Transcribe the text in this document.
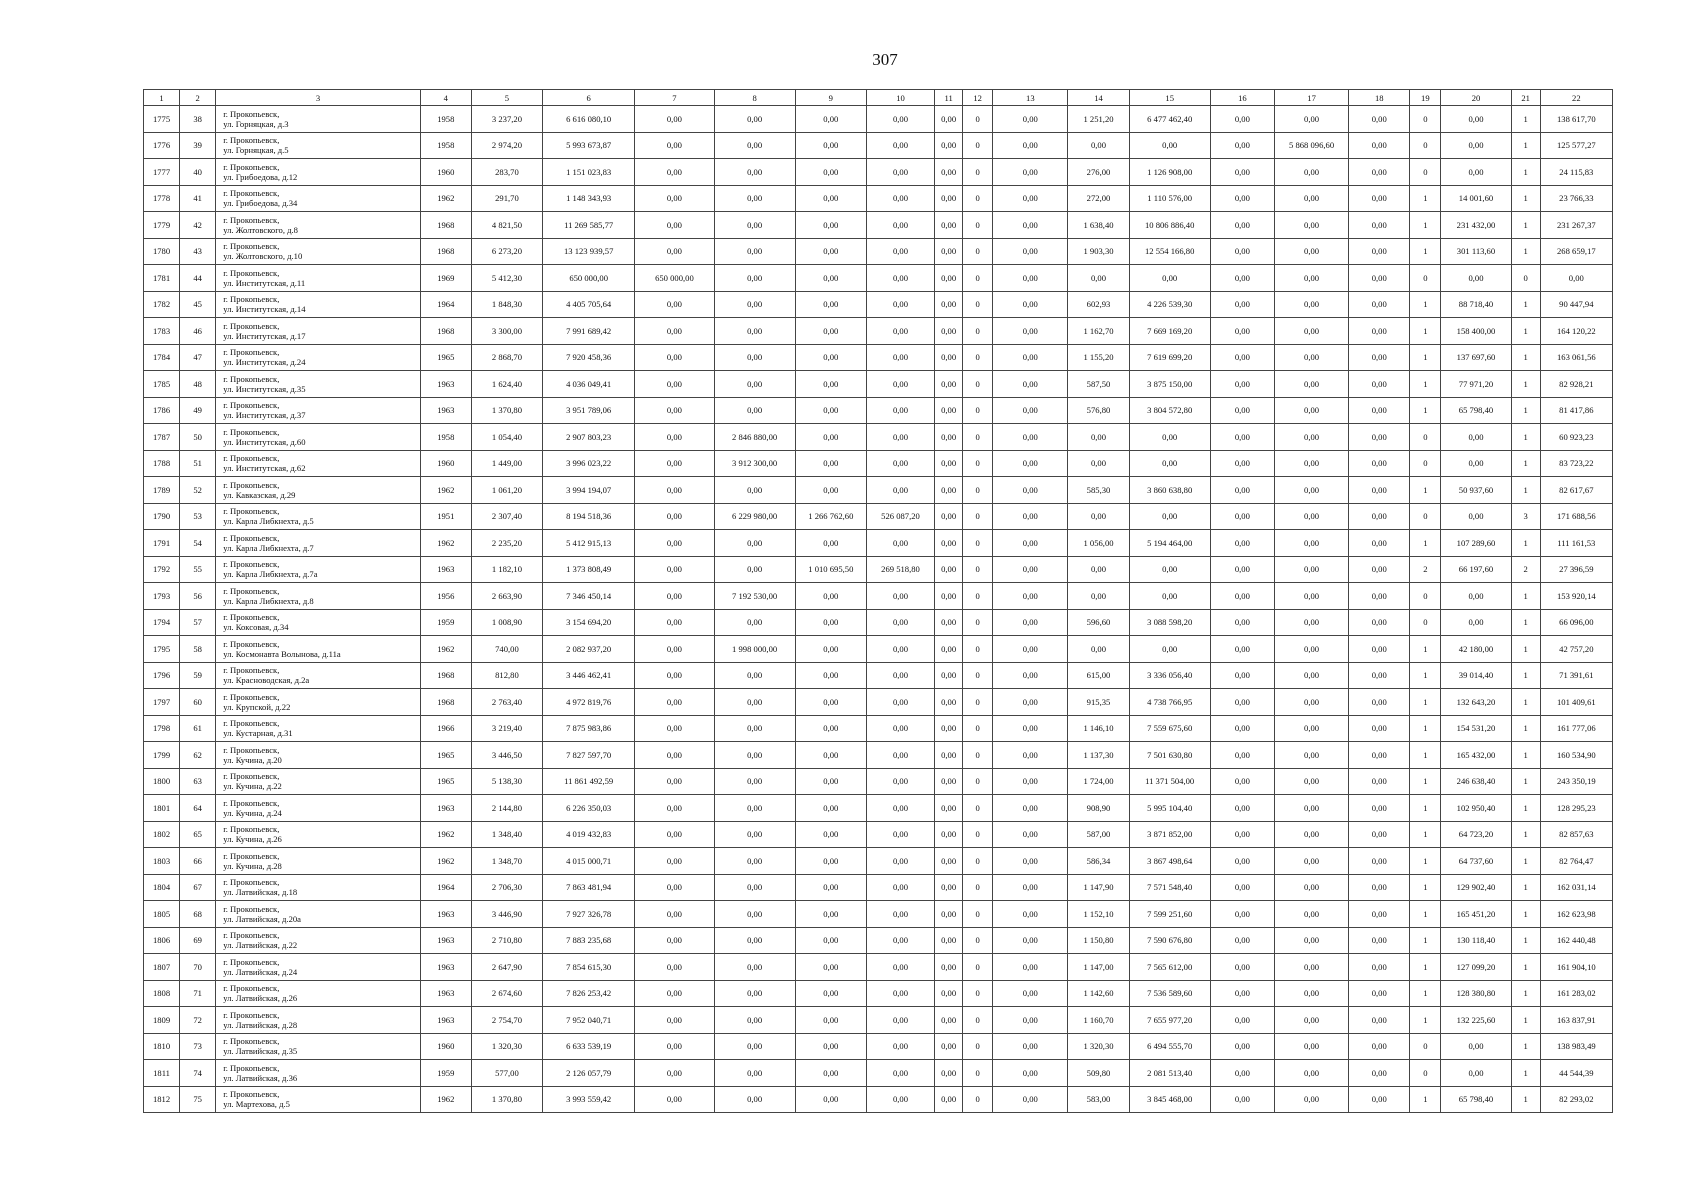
307
1	2	3	4	5	6	7	8	9	10	11	12	13	14	15	16	17	18	19	20	21	22
1775	38	г. Прокопьевск,
ул. Горняцкая, д.3	1958	3 237,20	6 616 080,10	0,00	0,00	0,00	0,00	0,00	0	0,00	1 251,20	6 477 462,40	0,00	0,00	0,00	0	0,00	1	138 617,70
1776	39	г. Прокопьевск,
ул. Горняцкая, д.5	1958	2 974,20	5 993 673,87	0,00	0,00	0,00	0,00	0,00	0	0,00	0,00	0,00	0,00	5 868 096,60	0,00	0	0,00	1	125 577,27
1777	40	г. Прокопьевск,
ул. Грибоедова, д.12	1960	283,70	1 151 023,83	0,00	0,00	0,00	0,00	0,00	0	0,00	276,00	1 126 908,00	0,00	0,00	0,00	0	0,00	1	24 115,83
1778	41	г. Прокопьевск,
ул. Грибоедова, д.34	1962	291,70	1 148 343,93	0,00	0,00	0,00	0,00	0,00	0	0,00	272,00	1 110 576,00	0,00	0,00	0,00	1	14 001,60	1	23 766,33
1779	42	г. Прокопьевск,
ул. Жолтовского, д.8	1968	4 821,50	11 269 585,77	0,00	0,00	0,00	0,00	0,00	0	0,00	1 638,40	10 806 886,40	0,00	0,00	0,00	1	231 432,00	1	231 267,37
1780	43	г. Прокопьевск,
ул. Жолтовского, д.10	1968	6 273,20	13 123 939,57	0,00	0,00	0,00	0,00	0,00	0	0,00	1 903,30	12 554 166,80	0,00	0,00	0,00	1	301 113,60	1	268 659,17
1781	44	г. Прокопьевск,
ул. Институтская, д.11	1969	5 412,30	650 000,00	650 000,00	0,00	0,00	0,00	0,00	0	0,00	0,00	0,00	0,00	0,00	0,00	0	0,00	0	0,00
1782	45	г. Прокопьевск,
ул. Институтская, д.14	1964	1 848,30	4 405 705,64	0,00	0,00	0,00	0,00	0,00	0	0,00	602,93	4 226 539,30	0,00	0,00	0,00	1	88 718,40	1	90 447,94
1783	46	г. Прокопьевск,
ул. Институтская, д.17	1968	3 300,00	7 991 689,42	0,00	0,00	0,00	0,00	0,00	0	0,00	1 162,70	7 669 169,20	0,00	0,00	0,00	1	158 400,00	1	164 120,22
1784	47	г. Прокопьевск,
ул. Институтская, д.24	1965	2 868,70	7 920 458,36	0,00	0,00	0,00	0,00	0,00	0	0,00	1 155,20	7 619 699,20	0,00	0,00	0,00	1	137 697,60	1	163 061,56
1785	48	г. Прокопьевск,
ул. Институтская, д.35	1963	1 624,40	4 036 049,41	0,00	0,00	0,00	0,00	0,00	0	0,00	587,50	3 875 150,00	0,00	0,00	0,00	1	77 971,20	1	82 928,21
1786	49	г. Прокопьевск,
ул. Институтская, д.37	1963	1 370,80	3 951 789,06	0,00	0,00	0,00	0,00	0,00	0	0,00	576,80	3 804 572,80	0,00	0,00	0,00	1	65 798,40	1	81 417,86
1787	50	г. Прокопьевск,
ул. Институтская, д.60	1958	1 054,40	2 907 803,23	0,00	2 846 880,00	0,00	0,00	0,00	0	0,00	0,00	0,00	0,00	0,00	0,00	0	0,00	1	60 923,23
1788	51	г. Прокопьевск,
ул. Институтская, д.62	1960	1 449,00	3 996 023,22	0,00	3 912 300,00	0,00	0,00	0,00	0	0,00	0,00	0,00	0,00	0,00	0,00	0	0,00	1	83 723,22
1789	52	г. Прокопьевск,
ул. Кавказская, д.29	1962	1 061,20	3 994 194,07	0,00	0,00	0,00	0,00	0,00	0	0,00	585,30	3 860 638,80	0,00	0,00	0,00	1	50 937,60	1	82 617,67
1790	53	г. Прокопьевск,
ул. Карла Либкнехта, д.5	1951	2 307,40	8 194 518,36	0,00	6 229 980,00	1 266 762,60	526 087,20	0,00	0	0,00	0,00	0,00	0,00	0,00	0,00	0	0,00	3	171 688,56
1791	54	г. Прокопьевск,
ул. Карла Либкнехта, д.7	1962	2 235,20	5 412 915,13	0,00	0,00	0,00	0,00	0,00	0	0,00	1 056,00	5 194 464,00	0,00	0,00	0,00	1	107 289,60	1	111 161,53
1792	55	г. Прокопьевск,
ул. Карла Либкнехта, д.7а	1963	1 182,10	1 373 808,49	0,00	0,00	1 010 695,50	269 518,80	0,00	0	0,00	0,00	0,00	0,00	0,00	0,00	2	66 197,60	2	27 396,59
1793	56	г. Прокопьевск,
ул. Карла Либкнехта, д.8	1956	2 663,90	7 346 450,14	0,00	7 192 530,00	0,00	0,00	0,00	0	0,00	0,00	0,00	0,00	0,00	0,00	0	0,00	1	153 920,14
1794	57	г. Прокопьевск,
ул. Коксовая, д.34	1959	1 008,90	3 154 694,20	0,00	0,00	0,00	0,00	0,00	0	0,00	596,60	3 088 598,20	0,00	0,00	0,00	0	0,00	1	66 096,00
1795	58	г. Прокопьевск,
ул. Космонавта Волынова, д.11а	1962	740,00	2 082 937,20	0,00	1 998 000,00	0,00	0,00	0,00	0	0,00	0,00	0,00	0,00	0,00	0,00	1	42 180,00	1	42 757,20
1796	59	г. Прокопьевск,
ул. Красноводская, д.2а	1968	812,80	3 446 462,41	0,00	0,00	0,00	0,00	0,00	0	0,00	615,00	3 336 056,40	0,00	0,00	0,00	1	39 014,40	1	71 391,61
1797	60	г. Прокопьевск,
ул. Крупской, д.22	1968	2 763,40	4 972 819,76	0,00	0,00	0,00	0,00	0,00	0	0,00	915,35	4 738 766,95	0,00	0,00	0,00	1	132 643,20	1	101 409,61
1798	61	г. Прокопьевск,
ул. Кустарная, д.31	1966	3 219,40	7 875 983,86	0,00	0,00	0,00	0,00	0,00	0	0,00	1 146,10	7 559 675,60	0,00	0,00	0,00	1	154 531,20	1	161 777,06
1799	62	г. Прокопьевск,
ул. Кучина, д.20	1965	3 446,50	7 827 597,70	0,00	0,00	0,00	0,00	0,00	0	0,00	1 137,30	7 501 630,80	0,00	0,00	0,00	1	165 432,00	1	160 534,90
1800	63	г. Прокопьевск,
ул. Кучина, д.22	1965	5 138,30	11 861 492,59	0,00	0,00	0,00	0,00	0,00	0	0,00	1 724,00	11 371 504,00	0,00	0,00	0,00	1	246 638,40	1	243 350,19
1801	64	г. Прокопьевск,
ул. Кучина, д.24	1963	2 144,80	6 226 350,03	0,00	0,00	0,00	0,00	0,00	0	0,00	908,90	5 995 104,40	0,00	0,00	0,00	1	102 950,40	1	128 295,23
1802	65	г. Прокопьевск,
ул. Кучина, д.26	1962	1 348,40	4 019 432,83	0,00	0,00	0,00	0,00	0,00	0	0,00	587,00	3 871 852,00	0,00	0,00	0,00	1	64 723,20	1	82 857,63
1803	66	г. Прокопьевск,
ул. Кучина, д.28	1962	1 348,70	4 015 000,71	0,00	0,00	0,00	0,00	0,00	0	0,00	586,34	3 867 498,64	0,00	0,00	0,00	1	64 737,60	1	82 764,47
1804	67	г. Прокопьевск,
ул. Латвийская, д.18	1964	2 706,30	7 863 481,94	0,00	0,00	0,00	0,00	0,00	0	0,00	1 147,90	7 571 548,40	0,00	0,00	0,00	1	129 902,40	1	162 031,14
1805	68	г. Прокопьевск,
ул. Латвийская, д.20а	1963	3 446,90	7 927 326,78	0,00	0,00	0,00	0,00	0,00	0	0,00	1 152,10	7 599 251,60	0,00	0,00	0,00	1	165 451,20	1	162 623,98
1806	69	г. Прокопьевск,
ул. Латвийская, д.22	1963	2 710,80	7 883 235,68	0,00	0,00	0,00	0,00	0,00	0	0,00	1 150,80	7 590 676,80	0,00	0,00	0,00	1	130 118,40	1	162 440,48
1807	70	г. Прокопьевск,
ул. Латвийская, д.24	1963	2 647,90	7 854 615,30	0,00	0,00	0,00	0,00	0,00	0	0,00	1 147,00	7 565 612,00	0,00	0,00	0,00	1	127 099,20	1	161 904,10
1808	71	г. Прокопьевск,
ул. Латвийская, д.26	1963	2 674,60	7 826 253,42	0,00	0,00	0,00	0,00	0,00	0	0,00	1 142,60	7 536 589,60	0,00	0,00	0,00	1	128 380,80	1	161 283,02
1809	72	г. Прокопьевск,
ул. Латвийская, д.28	1963	2 754,70	7 952 040,71	0,00	0,00	0,00	0,00	0,00	0	0,00	1 160,70	7 655 977,20	0,00	0,00	0,00	1	132 225,60	1	163 837,91
1810	73	г. Прокопьевск,
ул. Латвийская, д.35	1960	1 320,30	6 633 539,19	0,00	0,00	0,00	0,00	0,00	0	0,00	1 320,30	6 494 555,70	0,00	0,00	0,00	0	0,00	1	138 983,49
1811	74	г. Прокопьевск,
ул. Латвийская, д.36	1959	577,00	2 126 057,79	0,00	0,00	0,00	0,00	0,00	0	0,00	509,80	2 081 513,40	0,00	0,00	0,00	0	0,00	1	44 544,39
1812	75	г. Прокопьевск,
ул. Мартехова, д.5	1962	1 370,80	3 993 559,42	0,00	0,00	0,00	0,00	0,00	0	0,00	583,00	3 845 468,00	0,00	0,00	0,00	1	65 798,40	1	82 293,02
